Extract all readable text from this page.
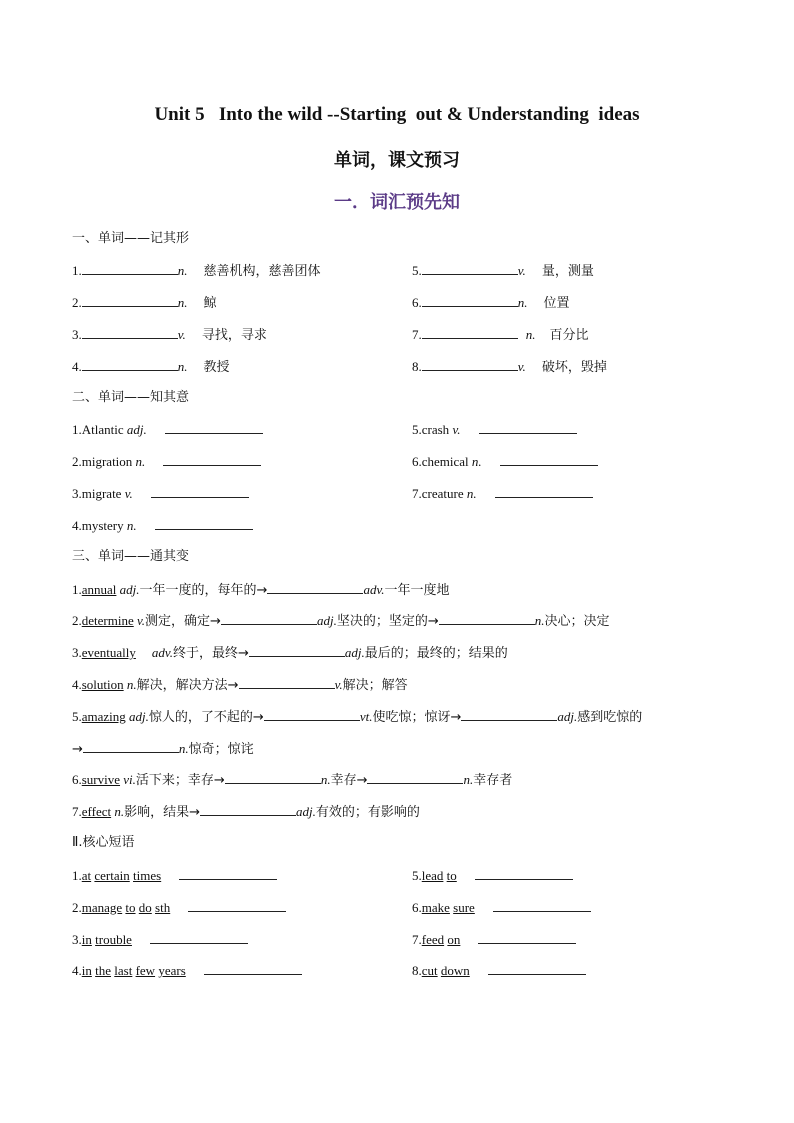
Unit 5   Into the wild --Starting  out & Understanding  ideas
单词，课文预习
一．词汇预先知
一、单词——记其形
1.	n. 慈善机构，慈善团体
2.	n. 鲸
3.	v. 寻找，寻求
4.	n. 教授
5.	v. 量，测量
6.	n. 位置
7.	n. 百分比
8.	v. 破坏，毁掉
二、单词——知其意
1.Atlantic adj.
2.migration n.
3.migrate v.
4.mystery n.
5.crash v.
6.chemical n.
7.creature n.
三、单词——通其变
1.annual adj.一年一度的，每年的→	adv.一年一度地
2.determine v.测定，确定→	adj.坚决的；坚定的→	n.决心；决定
3.eventually adv.终于，最终→	adj.最后的；最终的；结果的
4.solution n.解决，解决方法→	v.解决；解答
5.amazing adj.惊人的，了不起的→	vt.使吃惊；惊讶→	adj.感到吃惊的
→	n.惊奇；惊诧
6.survive vi.活下来；幸存→	n.幸存→	n.幸存者
7.effect n.影响，结果→	adj.有效的；有影响的
Ⅱ.核心短语
1.at certain times
2.manage to do sth
3.in trouble
4.in the last few years
5.lead to
6.make sure
7.feed on
8.cut down
